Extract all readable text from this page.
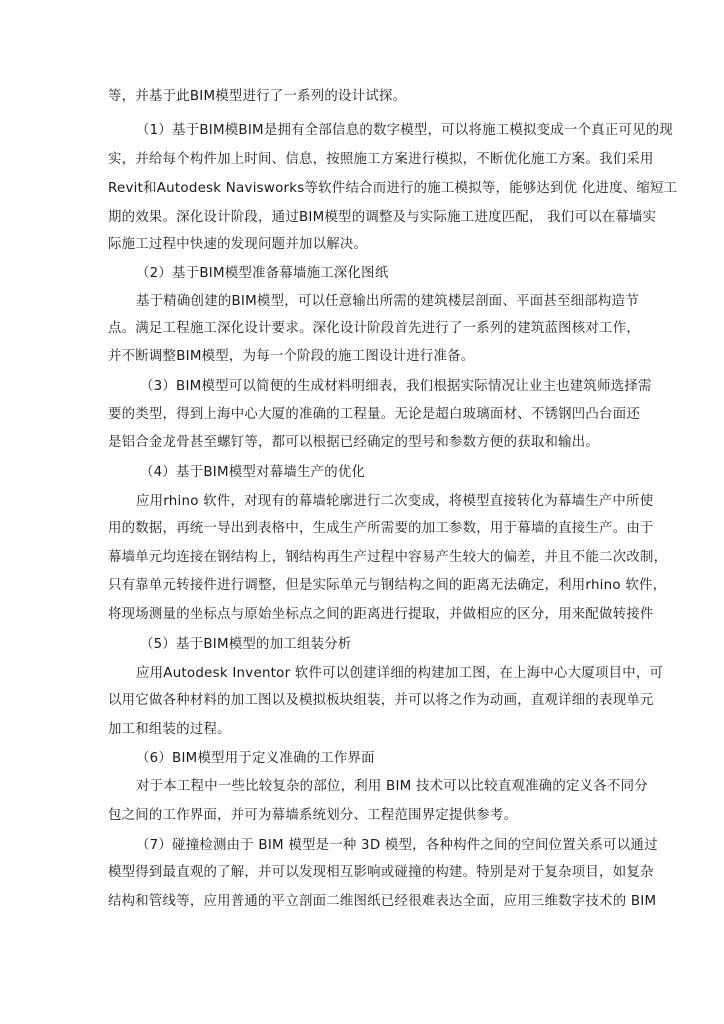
等，并基于此BIM模型进行了一系列的设计试探。
（1）基于BIM模BIM是拥有全部信息的数字模型，可以将施工模拟变成一个真正可见的现
实，并给每个构件加上时间、信息，按照施工方案进行模拟，不断优化施工方案。我们采用
Revit和Autodesk Navisworks等软件结合而进行的施工模拟等，能够达到优 化进度、缩短工
期的效果。深化设计阶段，通过BIM模型的调整及与实际施工进度匹配， 我们可以在幕墙实
际施工过程中快速的发现问题并加以解决。
（2）基于BIM模型准备幕墙施工深化图纸
基于精确创建的BIM模型，可以任意输出所需的建筑楼层剖面、平面甚至细部构造节
点。满足工程施工深化设计要求。深化设计阶段首先进行了一系列的建筑蓝图核对工作，
并不断调整BIM模型，为每一个阶段的施工图设计进行准备。
（3）BIM模型可以简便的生成材料明细表，我们根据实际情况让业主也建筑师选择需
要的类型，得到上海中心大厦的准确的工程量。无论是超白玻璃面材、不锈钢凹凸台面还
是铝合金龙骨甚至螺钉等，都可以根据已经确定的型号和参数方便的获取和输出。
（4）基于BIM模型对幕墙生产的优化
应用rhino 软件，对现有的幕墙轮廓进行二次变成，将模型直接转化为幕墙生产中所使
用的数据，再统一导出到表格中，生成生产所需要的加工参数，用于幕墙的直接生产。由于
幕墙单元均连接在钢结构上，钢结构再生产过程中容易产生较大的偏差，并且不能二次改制，
只有靠单元转接件进行调整，但是实际单元与钢结构之间的距离无法确定，利用rhino 软件，
将现场测量的坐标点与原始坐标点之间的距离进行提取，并做相应的区分，用来配做转接件
（5）基于BIM模型的加工组装分析
应用Autodesk Inventor 软件可以创建详细的构建加工图，在上海中心大厦项目中，可
以用它做各种材料的加工图以及模拟板块组装，并可以将之作为动画，直观详细的表现单元
加工和组装的过程。
（6）BIM模型用于定义准确的工作界面
对于本工程中一些比较复杂的部位，利用 BIM 技术可以比较直观准确的定义各不同分
包之间的工作界面，并可为幕墙系统划分、工程范围界定提供参考。
（7）碰撞检测由于 BIM 模型是一种 3D 模型，各种构件之间的空间位置关系可以通过
模型得到最直观的了解，并可以发现相互影响或碰撞的构建。特别是对于复杂项目，如复杂
结构和管线等，应用普通的平立剖面二维图纸已经很难表达全面，应用三维数字技术的 BIM
